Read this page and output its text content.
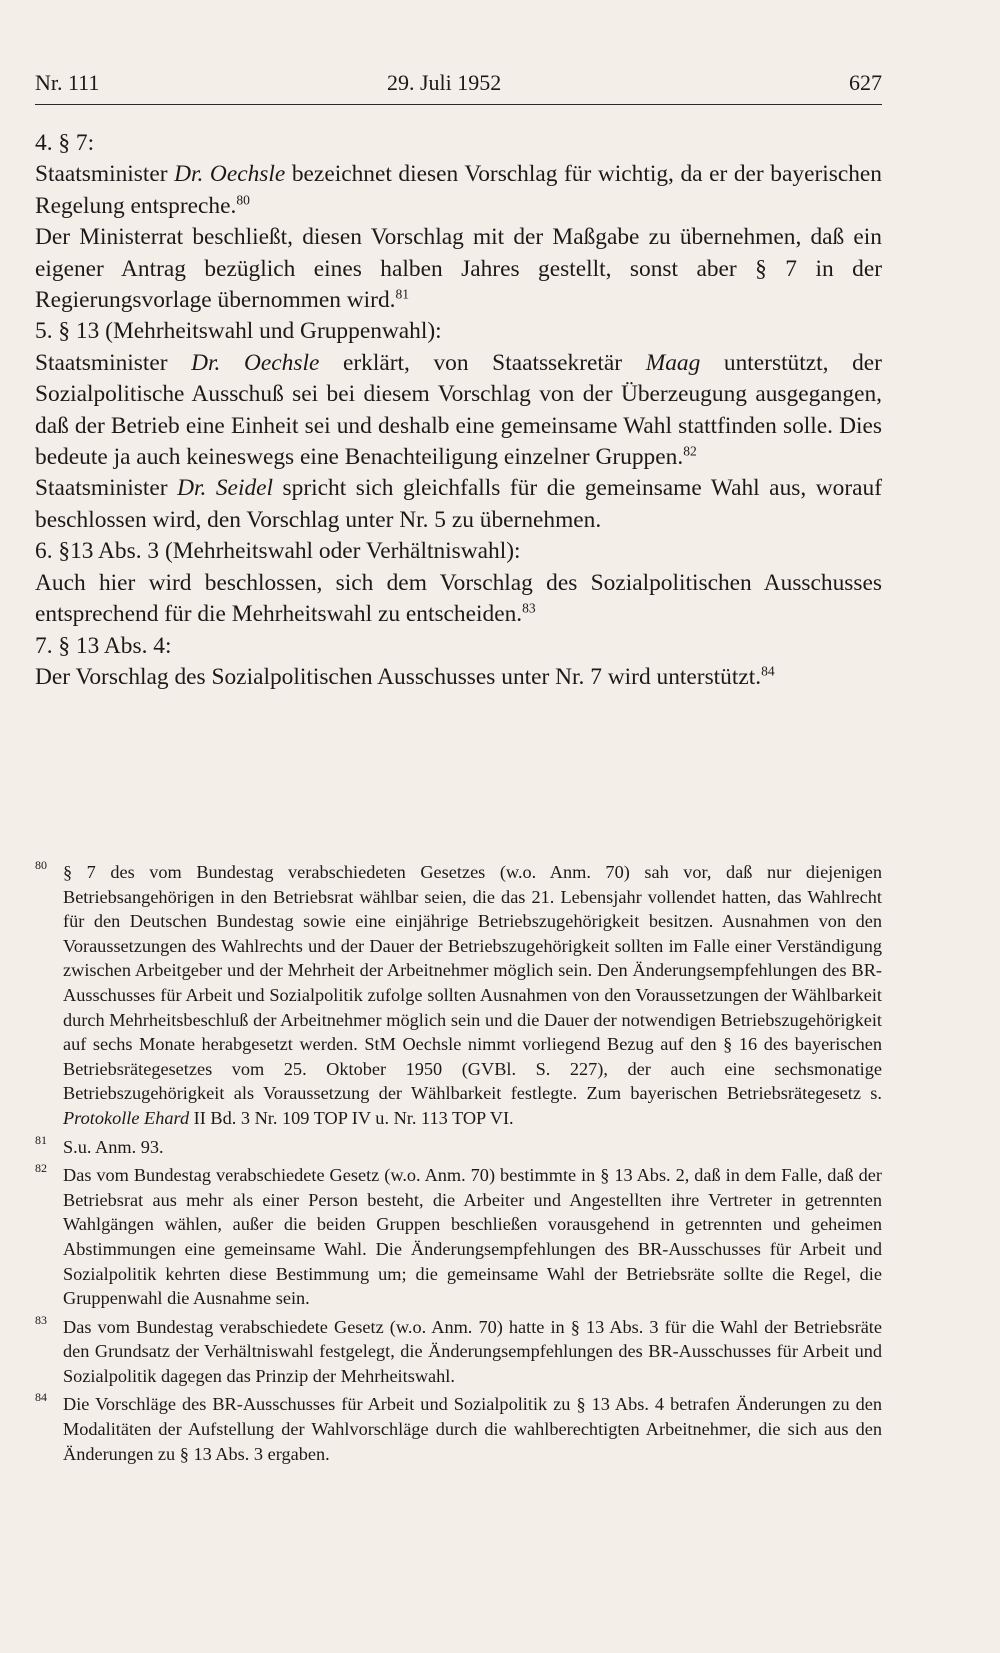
Nr. 111	29. Juli 1952	627

4. § 7:

Staatsminister Dr. Oechsle bezeichnet diesen Vorschlag für wichtig, da er der bayerischen Regelung entspreche.$^{80}$

Der Ministerrat beschließt, diesen Vorschlag mit der Maßgabe zu übernehmen, daß ein eigener Antrag bezüglich eines halben Jahres gestellt, sonst aber § 7 in der Regierungsvorlage übernommen wird.$^{81}$

5. § 13 (Mehrheitswahl und Gruppenwahl):

Staatsminister Dr. Oechsle erklärt, von Staatssekretär Maag unterstützt, der Sozialpolitische Ausschuß sei bei diesem Vorschlag von der Überzeugung ausgegangen, daß der Betrieb eine Einheit sei und deshalb eine gemeinsame Wahl stattfinden solle. Dies bedeute ja auch keineswegs eine Benachteiligung einzelner Gruppen.$^{82}$

Staatsminister Dr. Seidel spricht sich gleichfalls für die gemeinsame Wahl aus, worauf beschlossen wird, den Vorschlag unter Nr. 5 zu übernehmen.

6. §13 Abs. 3 (Mehrheitswahl oder Verhältniswahl):

Auch hier wird beschlossen, sich dem Vorschlag des Sozialpolitischen Ausschusses entsprechend für die Mehrheitswahl zu entscheiden.$^{83}$

7. § 13 Abs. 4:

Der Vorschlag des Sozialpolitischen Ausschusses unter Nr. 7 wird unterstützt.$^{84}$

80 § 7 des vom Bundestag verabschiedeten Gesetzes (w.o. Anm. 70) sah vor, daß nur diejenigen Betriebsangehörigen in den Betriebsrat wählbar seien, die das 21. Lebensjahr vollendet hatten, das Wahlrecht für den Deutschen Bundestag sowie eine einjährige Betriebszugehörigkeit besitzen. Ausnahmen von den Voraussetzungen des Wahlrechts und der Dauer der Betriebszugehörigkeit sollten im Falle einer Verständigung zwischen Arbeitgeber und der Mehrheit der Arbeitnehmer möglich sein. Den Änderungsempfehlungen des BR-Ausschusses für Arbeit und Sozialpolitik zufolge sollten Ausnahmen von den Voraussetzungen der Wählbarkeit durch Mehrheitsbeschluß der Arbeitnehmer möglich sein und die Dauer der notwendigen Betriebszugehörigkeit auf sechs Monate herabgesetzt werden. StM Oechsle nimmt vorliegend Bezug auf den § 16 des bayerischen Betriebsrätegesetzes vom 25. Oktober 1950 (GVBl. S. 227), der auch eine sechsmonatige Betriebszugehörigkeit als Voraussetzung der Wählbarkeit festlegte. Zum bayerischen Betriebsrätegesetz s. Protokolle Ehard II Bd. 3 Nr. 109 TOP IV u. Nr. 113 TOP VI.
81 S.u. Anm. 93.
82 Das vom Bundestag verabschiedete Gesetz (w.o. Anm. 70) bestimmte in § 13 Abs. 2, daß in dem Falle, daß der Betriebsrat aus mehr als einer Person besteht, die Arbeiter und Angestellten ihre Vertreter in getrennten Wahlgängen wählen, außer die beiden Gruppen beschließen vorausgehend in getrennten und geheimen Abstimmungen eine gemeinsame Wahl. Die Änderungsempfehlungen des BR-Ausschusses für Arbeit und Sozialpolitik kehrten diese Bestimmung um; die gemeinsame Wahl der Betriebsräte sollte die Regel, die Gruppenwahl die Ausnahme sein.
83 Das vom Bundestag verabschiedete Gesetz (w.o. Anm. 70) hatte in § 13 Abs. 3 für die Wahl der Betriebsräte den Grundsatz der Verhältniswahl festgelegt, die Änderungsempfehlungen des BR-Ausschusses für Arbeit und Sozialpolitik dagegen das Prinzip der Mehrheitswahl.
84 Die Vorschläge des BR-Ausschusses für Arbeit und Sozialpolitik zu § 13 Abs. 4 betrafen Änderungen zu den Modalitäten der Aufstellung der Wahlvorschläge durch die wahlberechtigten Arbeitnehmer, die sich aus den Änderungen zu § 13 Abs. 3 ergaben.
